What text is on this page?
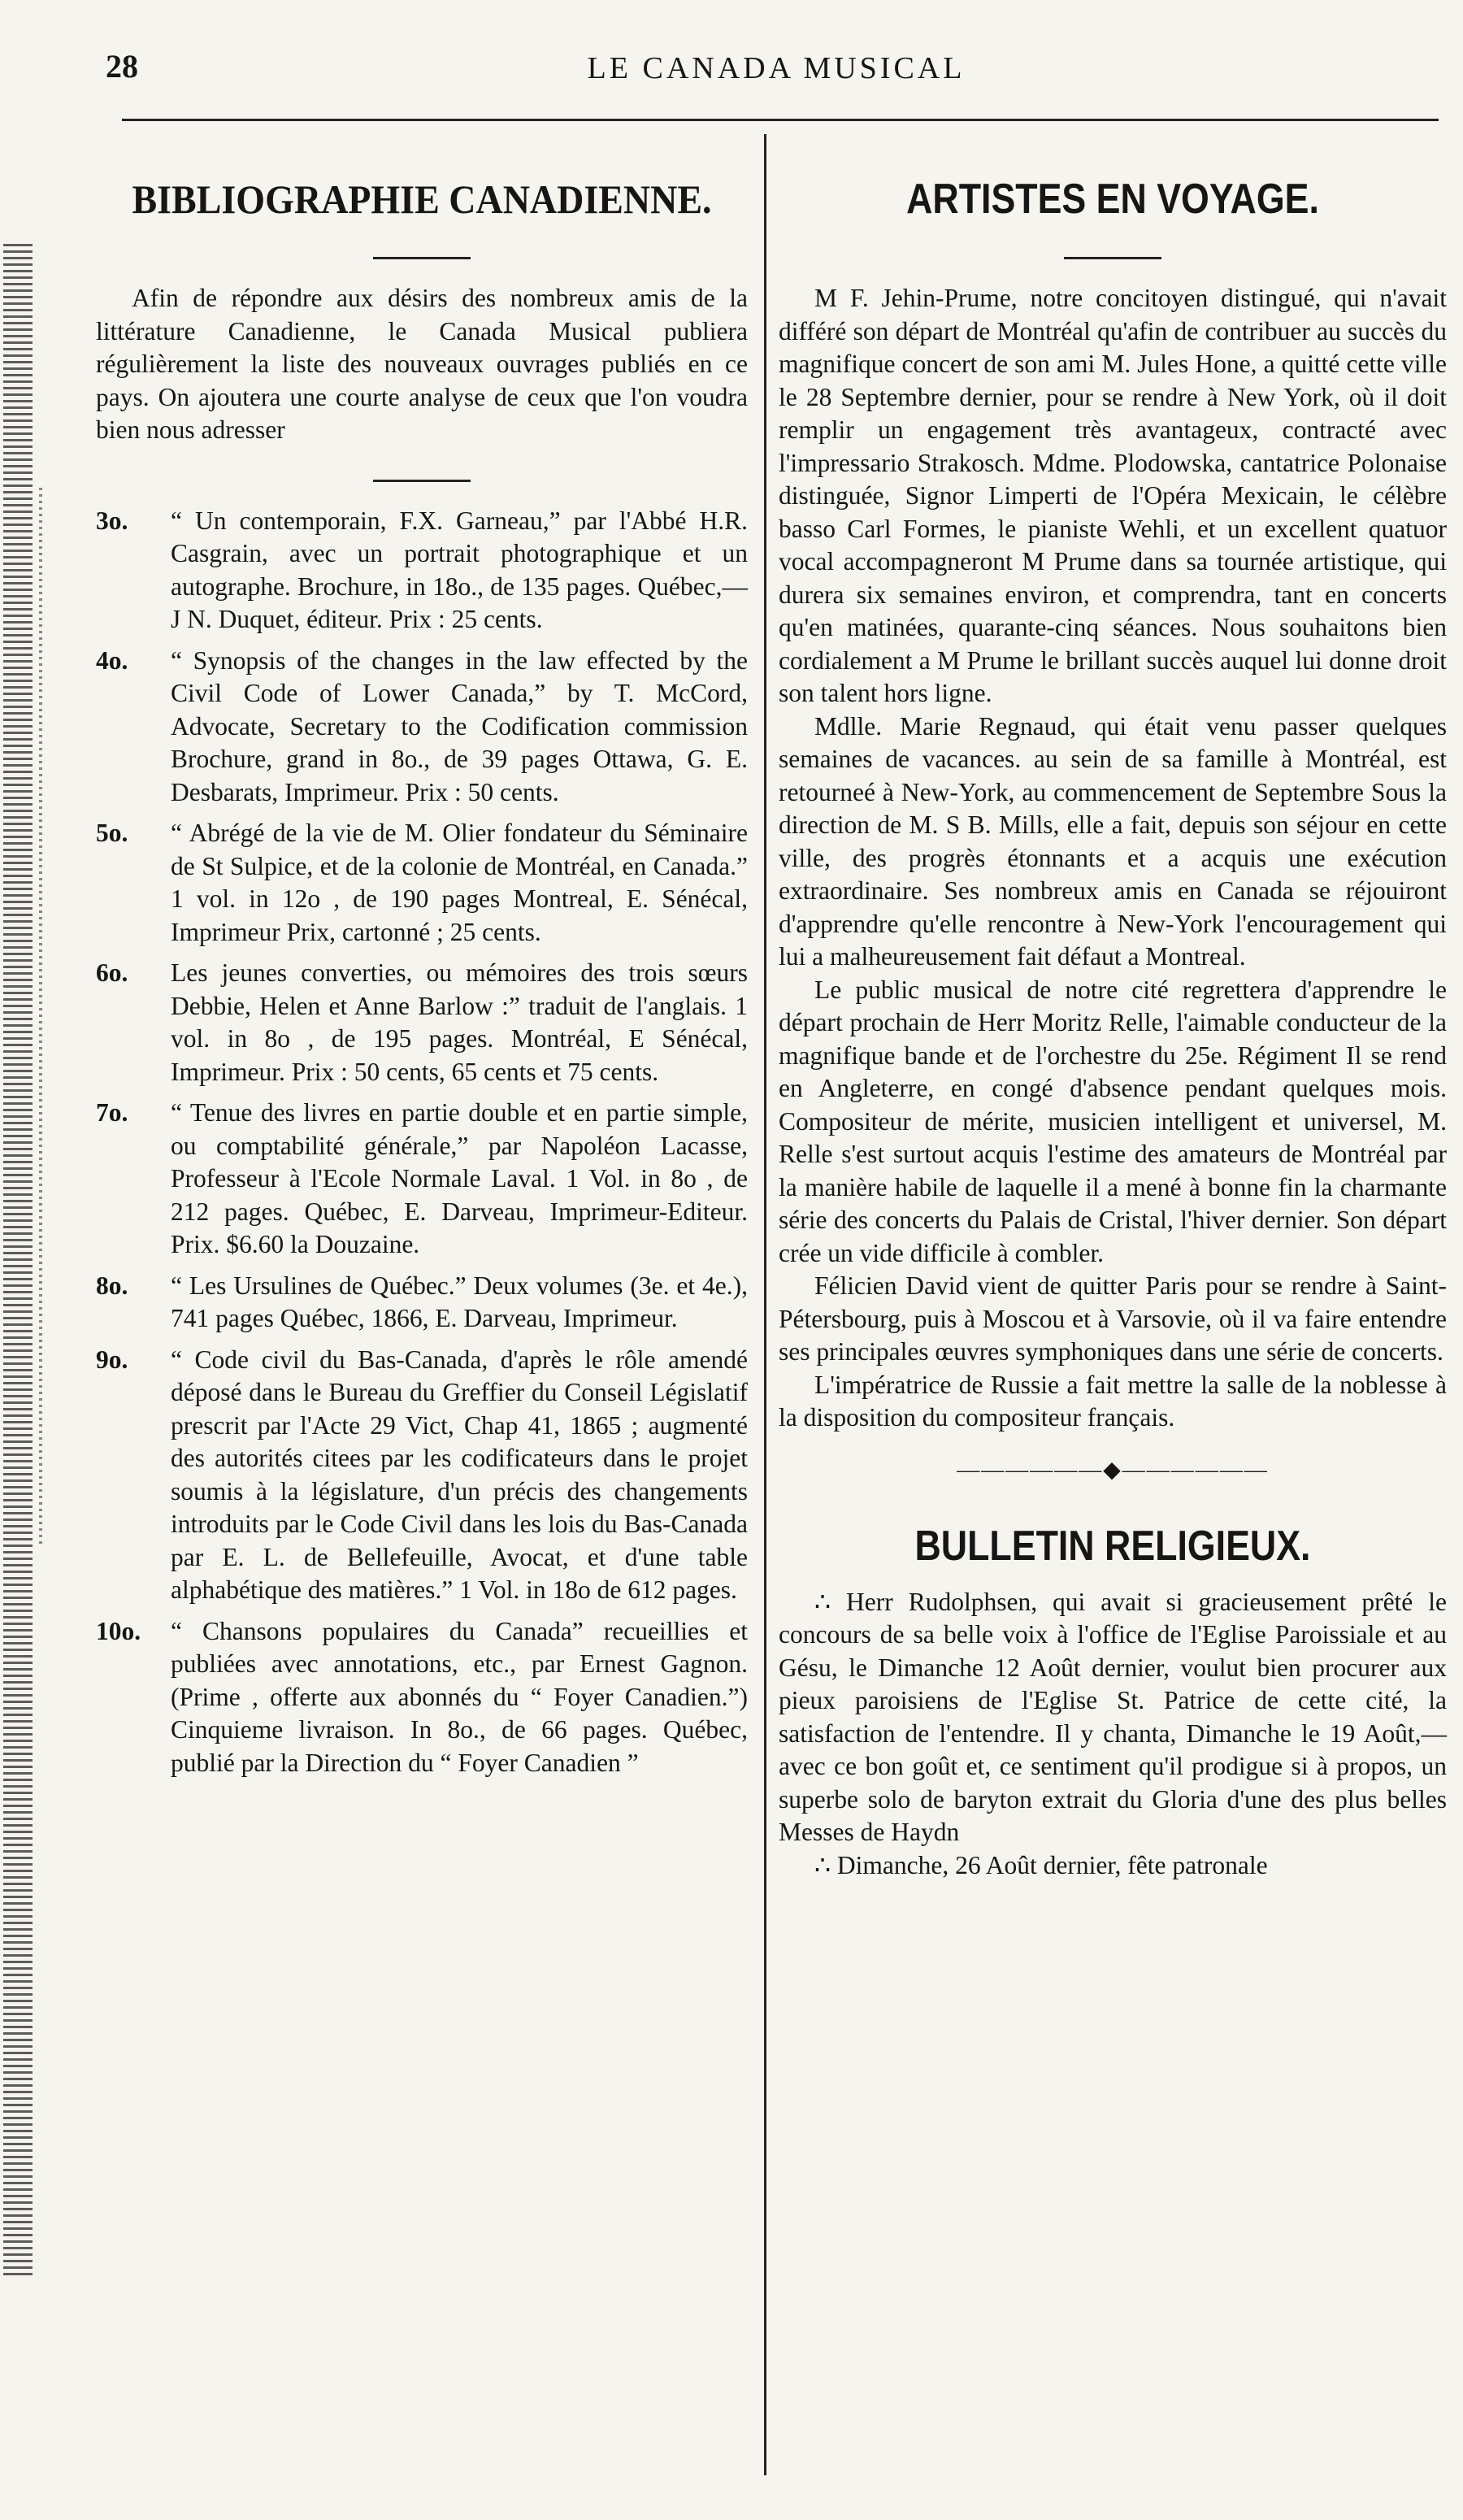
28	LE CANADA MUSICAL
BIBLIOGRAPHIE CANADIENNE.

Afin de répondre aux désirs des nombreux amis de la littérature Canadienne, le Canada Musical publiera régulièrement la liste des nouveaux ouvrages publiés en ce pays. On ajoutera une courte analyse de ceux que l'on voudra bien nous adresser

3o. “ Un contemporain, F.X. Garneau,” par l'Abbé H.R. Casgrain, avec un portrait photographique et un autographe. Brochure, in 18o., de 135 pages. Québec,—J N. Duquet, éditeur. Prix : 25 cents.
4o. “ Synopsis of the changes in the law effected by the Civil Code of Lower Canada,” by T. McCord, Advocate, Secretary to the Codification commission Brochure, grand in 8o., de 39 pages Ottawa, G. E. Desbarats, Imprimeur. Prix : 50 cents.
5o. “ Abrégé de la vie de M. Olier fondateur du Séminaire de St Sulpice, et de la colonie de Montréal, en Canada.” 1 vol. in 12o , de 190 pages Montreal, E. Sénécal, Imprimeur Prix, cartonné ; 25 cents.
6o. Les jeunes converties, ou mémoires des trois sœurs Debbie, Helen et Anne Barlow :” traduit de l'anglais. 1 vol. in 8o , de 195 pages. Montréal, E Sénécal, Imprimeur. Prix : 50 cents, 65 cents et 75 cents.
7o. “ Tenue des livres en partie double et en partie simple, ou comptabilité générale,” par Napoléon Lacasse, Professeur à l'Ecole Normale Laval. 1 Vol. in 8o , de 212 pages. Québec, E. Darveau, Imprimeur-Editeur. Prix. $6.60 la Douzaine.
8o. “ Les Ursulines de Québec.” Deux volumes (3e. et 4e.), 741 pages Québec, 1866, E. Darveau, Imprimeur.
9o. “ Code civil du Bas-Canada, d'après le rôle amendé déposé dans le Bureau du Greffier du Conseil Législatif prescrit par l'Acte 29 Vict, Chap 41, 1865 ; augmenté des autorités citees par les codificateurs dans le projet soumis à la législature, d'un précis des changements introduits par le Code Civil dans les lois du Bas-Canada par E. L. de Bellefeuille, Avocat, et d'une table alphabétique des matières.” 1 Vol. in 18o de 612 pages.
10o. “ Chansons populaires du Canada” recueillies et publiées avec annotations, etc., par Ernest Gagnon. (Prime , offerte aux abonnés du “ Foyer Canadien.”) Cinquieme livraison. In 8o., de 66 pages. Québec, publié par la Direction du “ Foyer Canadien ”
ARTISTES EN VOYAGE.

M F. Jehin-Prume, notre concitoyen distingué, qui n'avait différé son départ de Montréal qu'afin de contribuer au succès du magnifique concert de son ami M. Jules Hone, a quitté cette ville le 28 Septembre dernier, pour se rendre à New York, où il doit remplir un engagement très avantageux, contracté avec l'impressario Strakosch. Mdme. Plodowska, cantatrice Polonaise distinguée, Signor Limperti de l'Opéra Mexicain, le célèbre basso Carl Formes, le pianiste Wehli, et un excellent quatuor vocal accompagneront M Prume dans sa tournée artistique, qui durera six semaines environ, et comprendra, tant en concerts qu'en matinées, quarante-cinq séances. Nous souhaitons bien cordialement a M Prume le brillant succès auquel lui donne droit son talent hors ligne.

Mdlle. Marie Regnaud, qui était venu passer quelques semaines de vacances. au sein de sa famille à Montréal, est retourneé à New-York, au commencement de Septembre Sous la direction de M. S B. Mills, elle a fait, depuis son séjour en cette ville, des progrès étonnants et a acquis une exécution extraordinaire. Ses nombreux amis en Canada se réjouiront d'apprendre qu'elle rencontre à New-York l'encouragement qui lui a malheureusement fait défaut a Montreal.

Le public musical de notre cité regrettera d'apprendre le départ prochain de Herr Moritz Relle, l'aimable conducteur de la magnifique bande et de l'orchestre du 25e. Régiment Il se rend en Angleterre, en congé d'absence pendant quelques mois. Compositeur de mérite, musicien intelligent et universel, M. Relle s'est surtout acquis l'estime des amateurs de Montréal par la manière habile de laquelle il a mené à bonne fin la charmante série des concerts du Palais de Cristal, l'hiver dernier. Son départ crée un vide difficile à combler.

Félicien David vient de quitter Paris pour se rendre à Saint-Pétersbourg, puis à Moscou et à Varsovie, où il va faire entendre ses principales œuvres symphoniques dans une série de concerts.

L'impératrice de Russie a fait mettre la salle de la noblesse à la disposition du compositeur français.

——————◆——————
BULLETIN RELIGIEUX.

∴ Herr Rudolphsen, qui avait si gracieusement prêté le concours de sa belle voix à l'office de l'Eglise Paroissiale et au Gésu, le Dimanche 12 Août dernier, voulut bien procurer aux pieux paroisiens de l'Eglise St. Patrice de cette cité, la satisfaction de l'entendre. Il y chanta, Dimanche le 19 Août,—avec ce bon goût et, ce sentiment qu'il prodigue si à propos, un superbe solo de baryton extrait du Gloria d'une des plus belles Messes de Haydn

∴ Dimanche, 26 Août dernier, fête patronale
